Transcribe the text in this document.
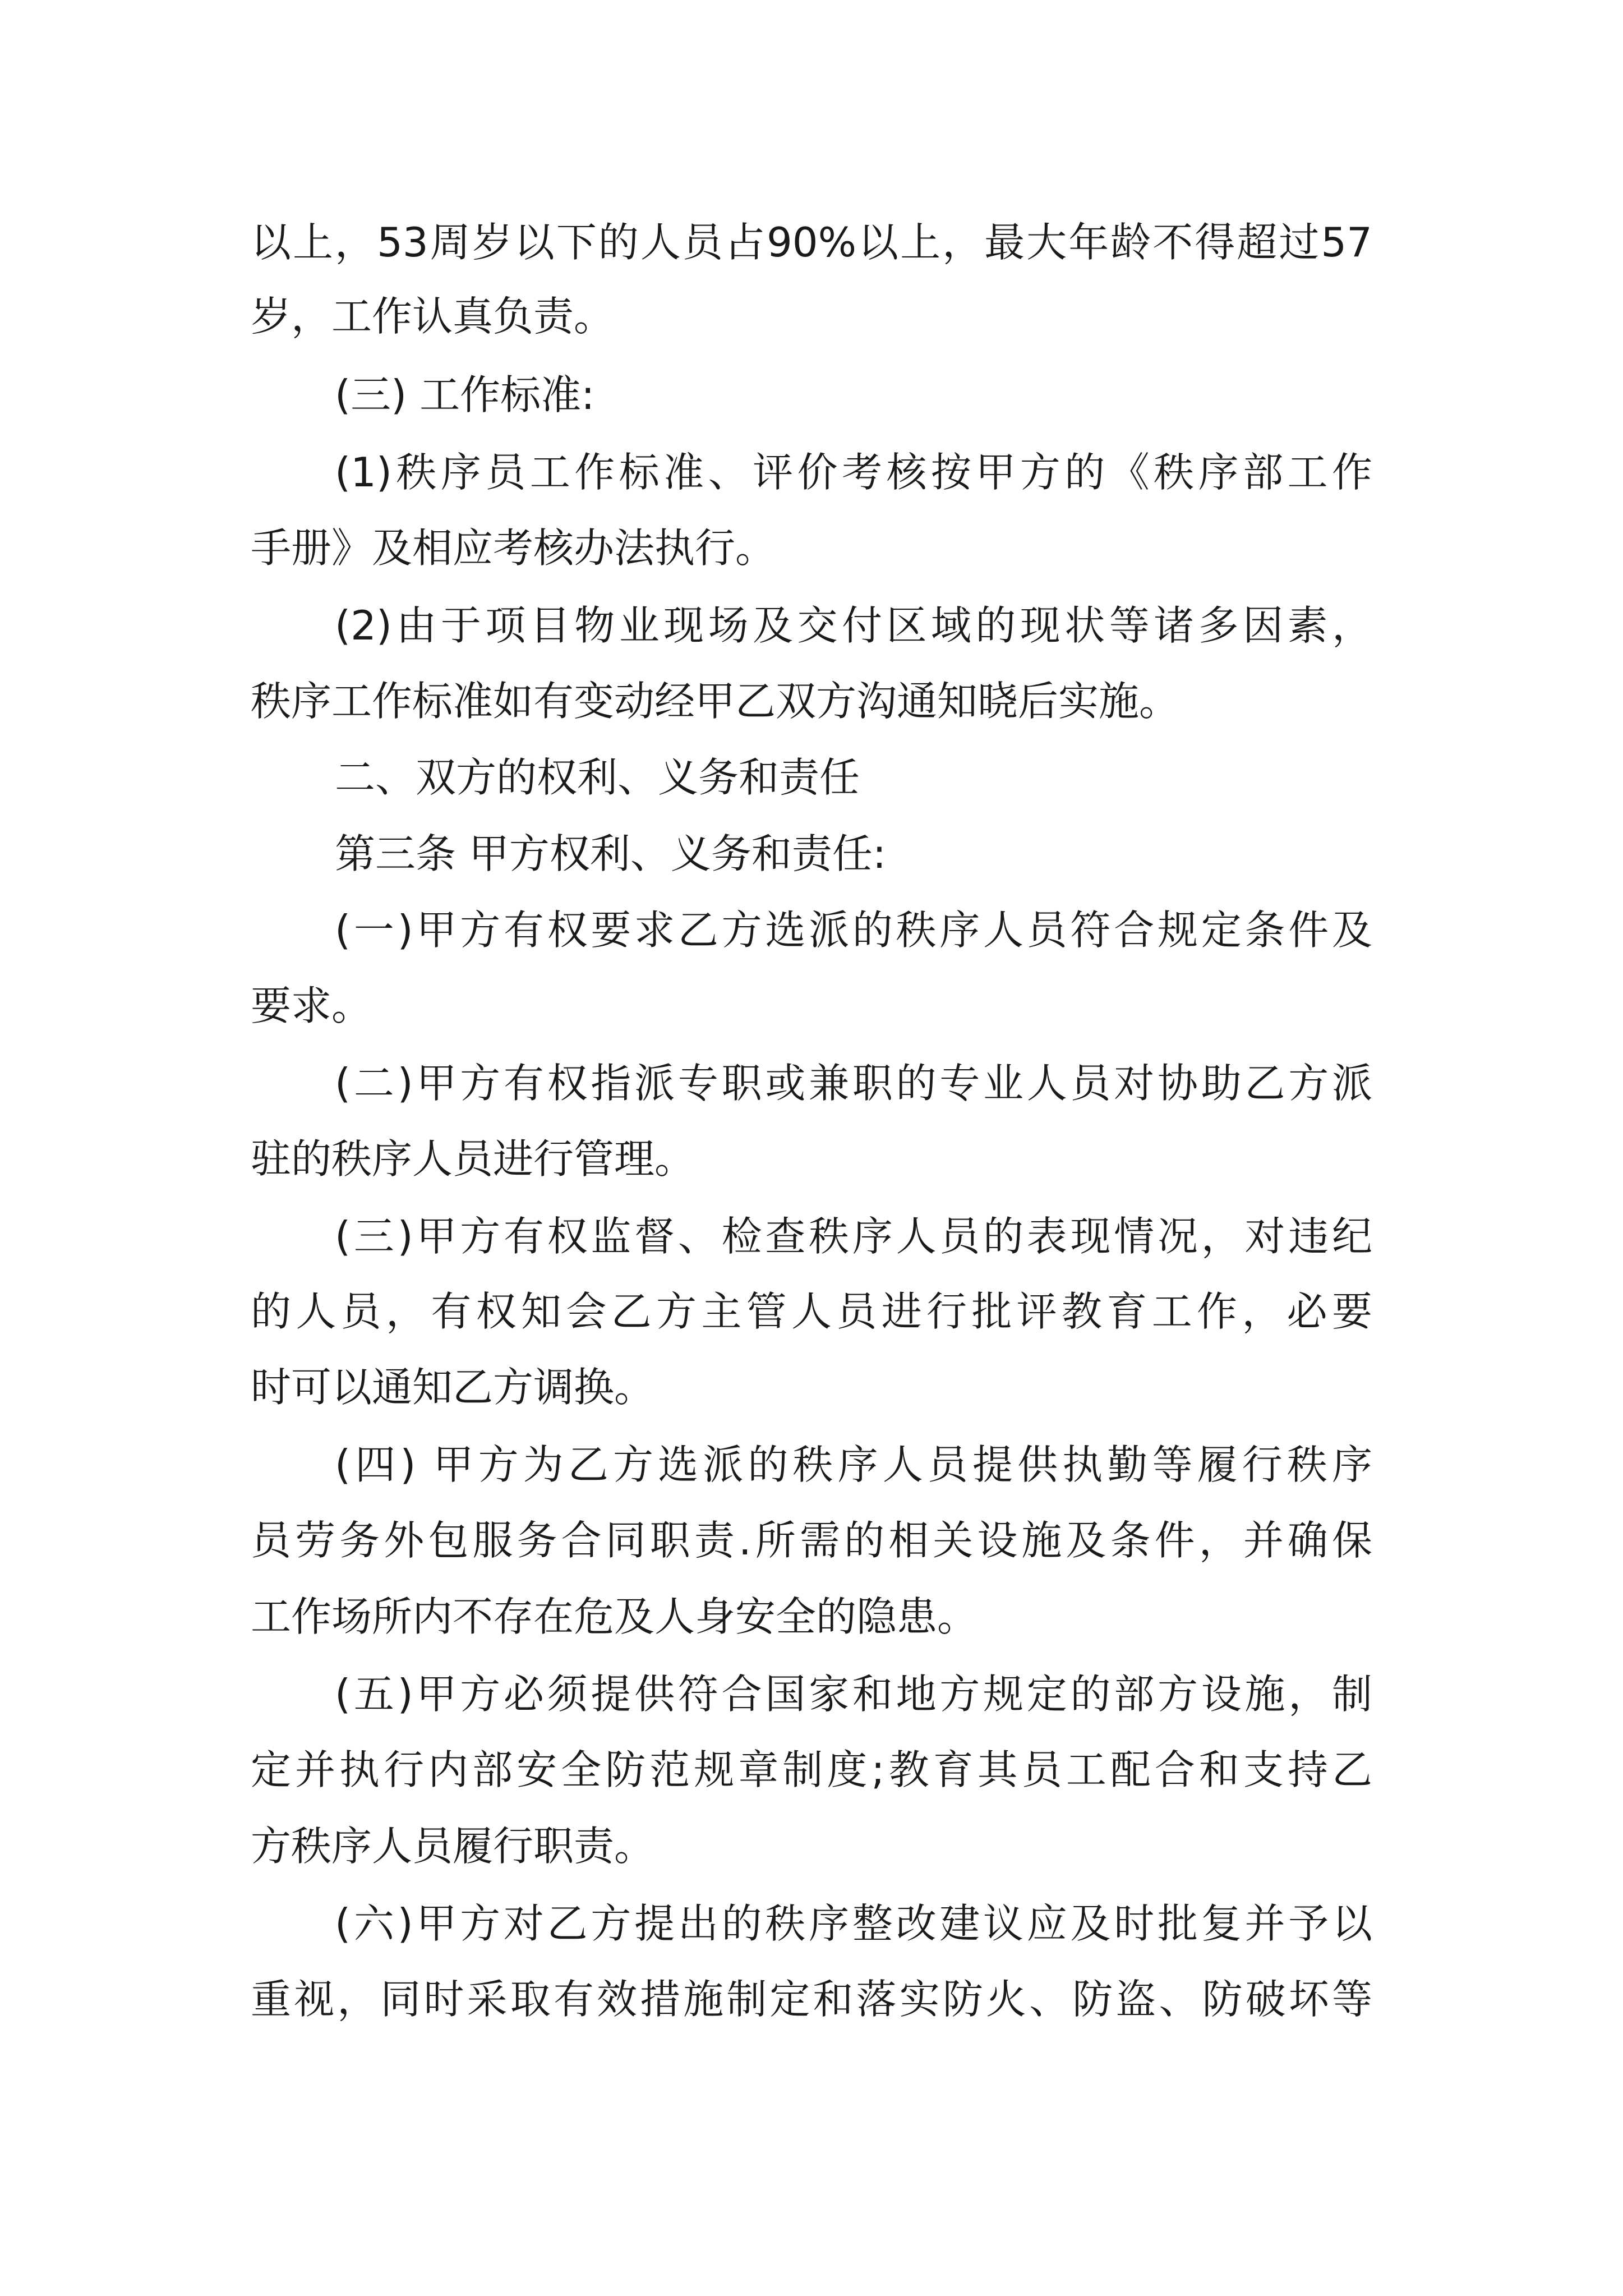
以上，53周岁以下的人员占90%以上，最大年龄不得超过57
岁，工作认真负责。
(三) 工作标准:
(1)秩序员工作标准、评价考核按甲方的《秩序部工作
手册》及相应考核办法执行。
(2)由于项目物业现场及交付区域的现状等诸多因素，
秩序工作标准如有变动经甲乙双方沟通知晓后实施。
二、双方的权利、义务和责任
第三条 甲方权利、义务和责任:
(一)甲方有权要求乙方选派的秩序人员符合规定条件及
要求。
(二)甲方有权指派专职或兼职的专业人员对协助乙方派
驻的秩序人员进行管理。
(三)甲方有权监督、检查秩序人员的表现情况，对违纪
的人员，有权知会乙方主管人员进行批评教育工作，必要
时可以通知乙方调换。
(四) 甲方为乙方选派的秩序人员提供执勤等履行秩序
员劳务外包服务合同职责.所需的相关设施及条件，并确保
工作场所内不存在危及人身安全的隐患。
(五)甲方必须提供符合国家和地方规定的部方设施，制
定并执行内部安全防范规章制度;教育其员工配合和支持乙
方秩序人员履行职责。
(六)甲方对乙方提出的秩序整改建议应及时批复并予以
重视，同时采取有效措施制定和落实防火、防盗、防破坏等
